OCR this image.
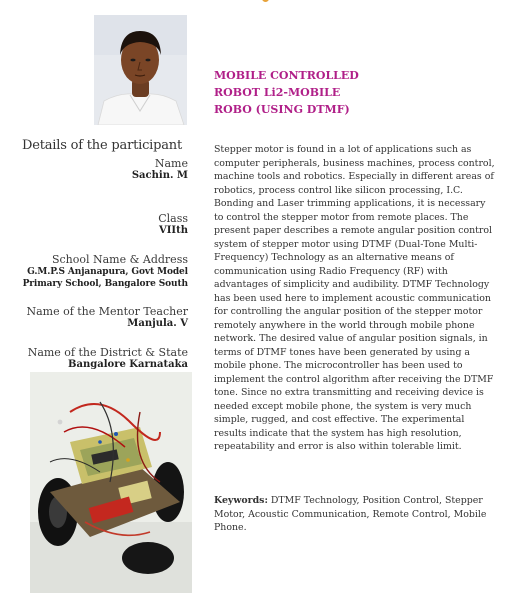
MOBILE CONTROLLED
ROBOT Li2-MOBILE
ROBO (USING DTMF)
Details of the participant
Name
Sachin. M
Class
VIIth
School Name & Address
G.M.P.S Anjanapura, Govt Model
Primary School, Bangalore South
Name of the Mentor Teacher
Manjula. V
Name of the District & State
Bangalore Karnataka
Stepper motor is found in a lot of applications such as
computer peripherals, business machines, process control,
machine tools and robotics. Especially in different areas of
robotics, process control like silicon processing, I.C.
Bonding and Laser trimming applications, it is necessary
to control the stepper motor from remote places. The
present paper describes a remote angular position control
system of stepper motor using DTMF (Dual-Tone Multi-
Frequency) Technology as an alternative means of
communication using Radio Frequency (RF) with
advantages of simplicity and audibility. DTMF Technology
has been used here to implement acoustic communication
for controlling the angular position of the stepper motor
remotely anywhere in the world through mobile phone
network. The desired value of angular position signals, in
terms of DTMF tones have been generated by using a
mobile phone. The microcontroller has been used to
implement the control algorithm after receiving the DTMF
tone. Since no extra transmitting and receiving device is
needed except mobile phone, the system is very much
simple, rugged, and cost effective. The experimental
results indicate that the system has high resolution,
repeatability and error is also within tolerable limit.
Keywords: DTMF Technology, Position Control, Stepper
Motor, Acoustic Communication, Remote Control, Mobile
Phone.
